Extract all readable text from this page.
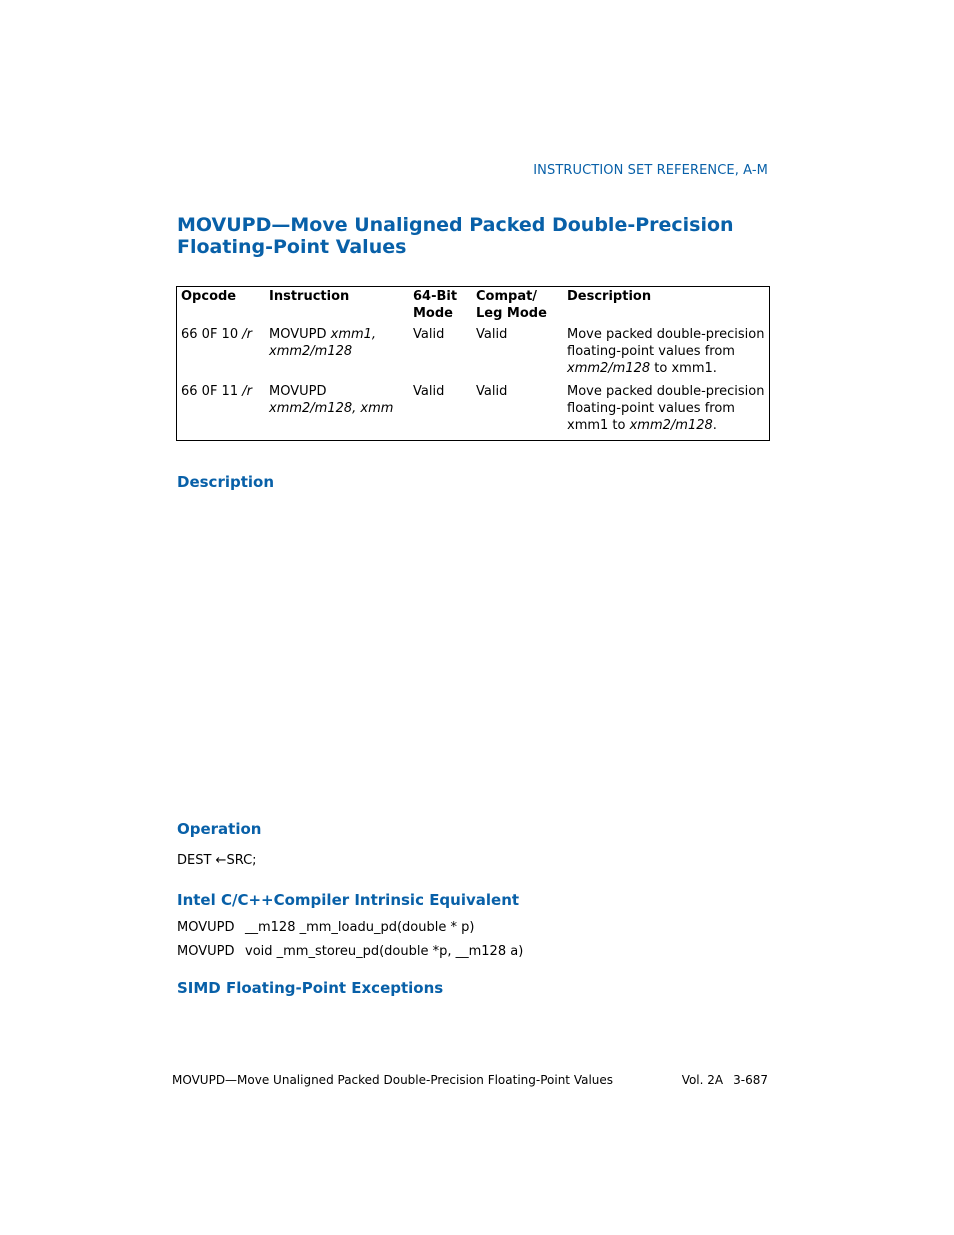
INSTRUCTION SET REFERENCE, A-M
MOVUPD—Move Unaligned Packed Double-Precision Floating-Point Values
Opcode	Instruction	64-Bit Mode	Compat/ Leg Mode	Description
66 0F 10 /r	MOVUPD xmm1, xmm2/m128	Valid	Valid	Move packed double-precision floating-point values from xmm2/m128 to xmm1.
66 0F 11 /r	MOVUPD xmm2/m128, xmm	Valid	Valid	Move packed double-precision floating-point values from xmm1 to xmm2/m128.
Description
Operation
DEST ←SRC;
Intel C/C++Compiler Intrinsic Equivalent
MOVUPD __m128 _mm_loadu_pd(double * p)
MOVUPD void _mm_storeu_pd(double *p, __m128 a)
SIMD Floating-Point Exceptions
MOVUPD—Move Unaligned Packed Double-Precision Floating-Point Values	Vol. 2A 3-687
